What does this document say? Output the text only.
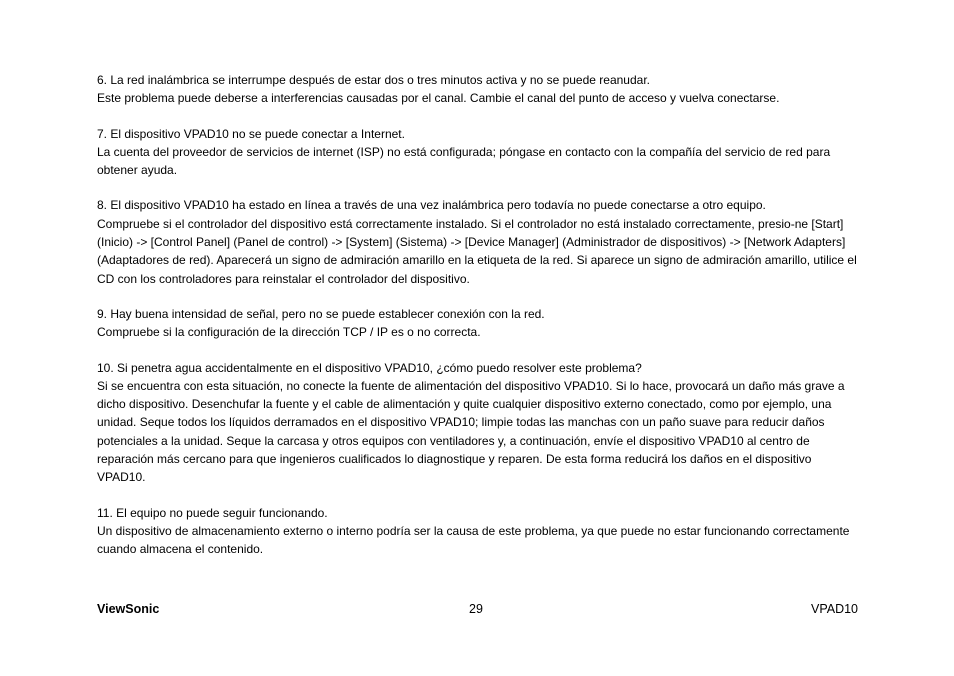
6. La red inalámbrica se interrumpe después de estar dos o tres minutos activa y no se puede reanudar.

Este problema puede deberse a interferencias causadas por el canal. Cambie el canal del punto de acceso y vuelva conectarse.

7. El dispositivo VPAD10 no se puede conectar a Internet.

La cuenta del proveedor de servicios de internet (ISP) no está configurada; póngase en contacto con la compañía del servicio de red para obtener ayuda.

8. El dispositivo VPAD10 ha estado en línea a través de una vez inalámbrica pero todavía no puede conectarse a otro equipo.

Compruebe si el controlador del dispositivo está correctamente instalado. Si el controlador no está instalado correctamente, presio-ne [Start] (Inicio) -> [Control Panel] (Panel de control) -> [System] (Sistema) -> [Device Manager] (Administrador de dispositivos) -> [Network Adapters] (Adaptadores de red). Aparecerá un signo de admiración amarillo en la etiqueta de la red. Si aparece un signo de admiración amarillo, utilice el CD con los controladores para reinstalar el controlador del dispositivo.

9. Hay buena intensidad de señal, pero no se puede establecer conexión con la red.

Compruebe si la configuración de la dirección TCP / IP es o no correcta.

10. Si penetra agua accidentalmente en el dispositivo VPAD10, ¿cómo puedo resolver este problema?

Si se encuentra con esta situación, no conecte la fuente de alimentación del dispositivo VPAD10. Si lo hace, provocará un daño más grave a dicho dispositivo. Desenchufar la fuente y el cable de alimentación y quite cualquier dispositivo externo conectado, como por ejemplo, una unidad. Seque todos los líquidos derramados en el dispositivo VPAD10; limpie todas las manchas con un paño suave para reducir daños potenciales a la unidad. Seque la carcasa y otros equipos con ventiladores y, a continuación, envíe el dispositivo VPAD10 al centro de reparación más cercano para que ingenieros cualificados lo diagnostique y reparen. De esta forma reducirá los daños en el dispositivo VPAD10.

11. El equipo no puede seguir funcionando.

Un dispositivo de almacenamiento externo o interno podría ser la causa de este problema, ya que puede no estar funcionando correctamente cuando almacena el contenido.

ViewSonic	29	VPAD10
